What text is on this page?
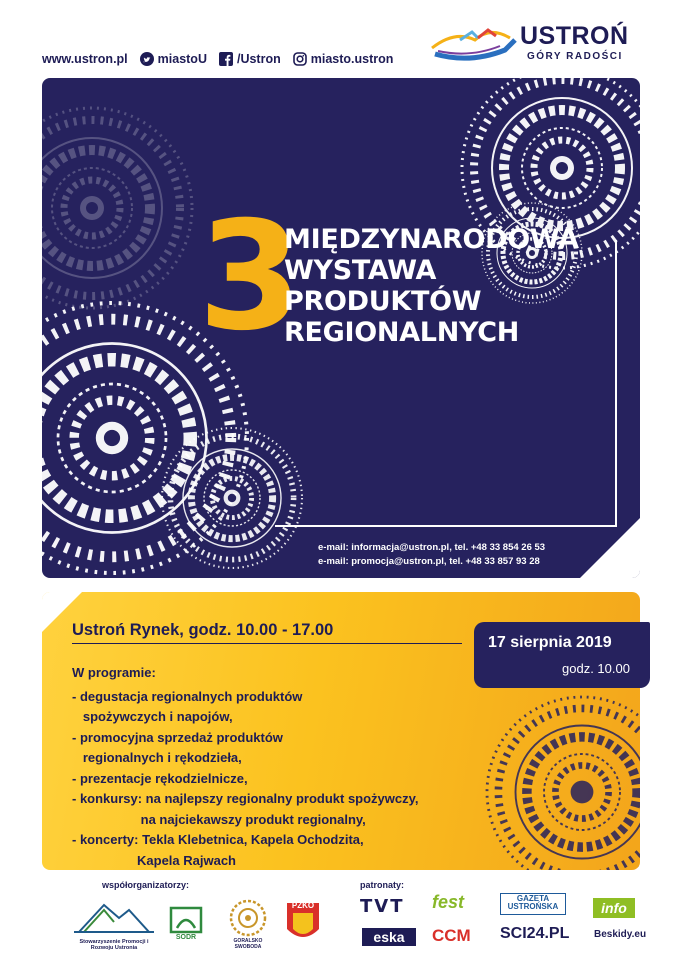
www.ustron.pl miastoU /Ustron miasto.ustron
USTROŃ
GÓRY RADOŚCI
3
MIĘDZYNARODOWA
WYSTAWA
PRODUKTÓW
REGIONALNYCH
e-mail: informacja@ustron.pl, tel. +48 33 854 26 53
e-mail: promocja@ustron.pl, tel. +48 33 857 93 28
Ustroń Rynek, godz. 10.00 - 17.00
17 sierpnia 2019
godz. 10.00
W programie:
- degustacja regionalnych produktów
spożywczych i napojów,
- promocyjna sprzedaż produktów
regionalnych i rękodzieła,
- prezentacje rękodzielnicze,
- konkursy: na najlepszy regionalny produkt spożywczy,
na najciekawszy produkt regionalny,
- koncerty: Tekla Klebetnica, Kapela Ochodzita,
Kapela Rajwach
współorganizatorzy:	patronaty:
Stowarzyszenie Promocji i Rozwoju Ustronia
ŚODR	GORALSKO SWOBODA
PZKO	TVT	fest	GAZETA USTROŃSKA	info
eska	CCM	SCI24.PL	Beskidy.eu
